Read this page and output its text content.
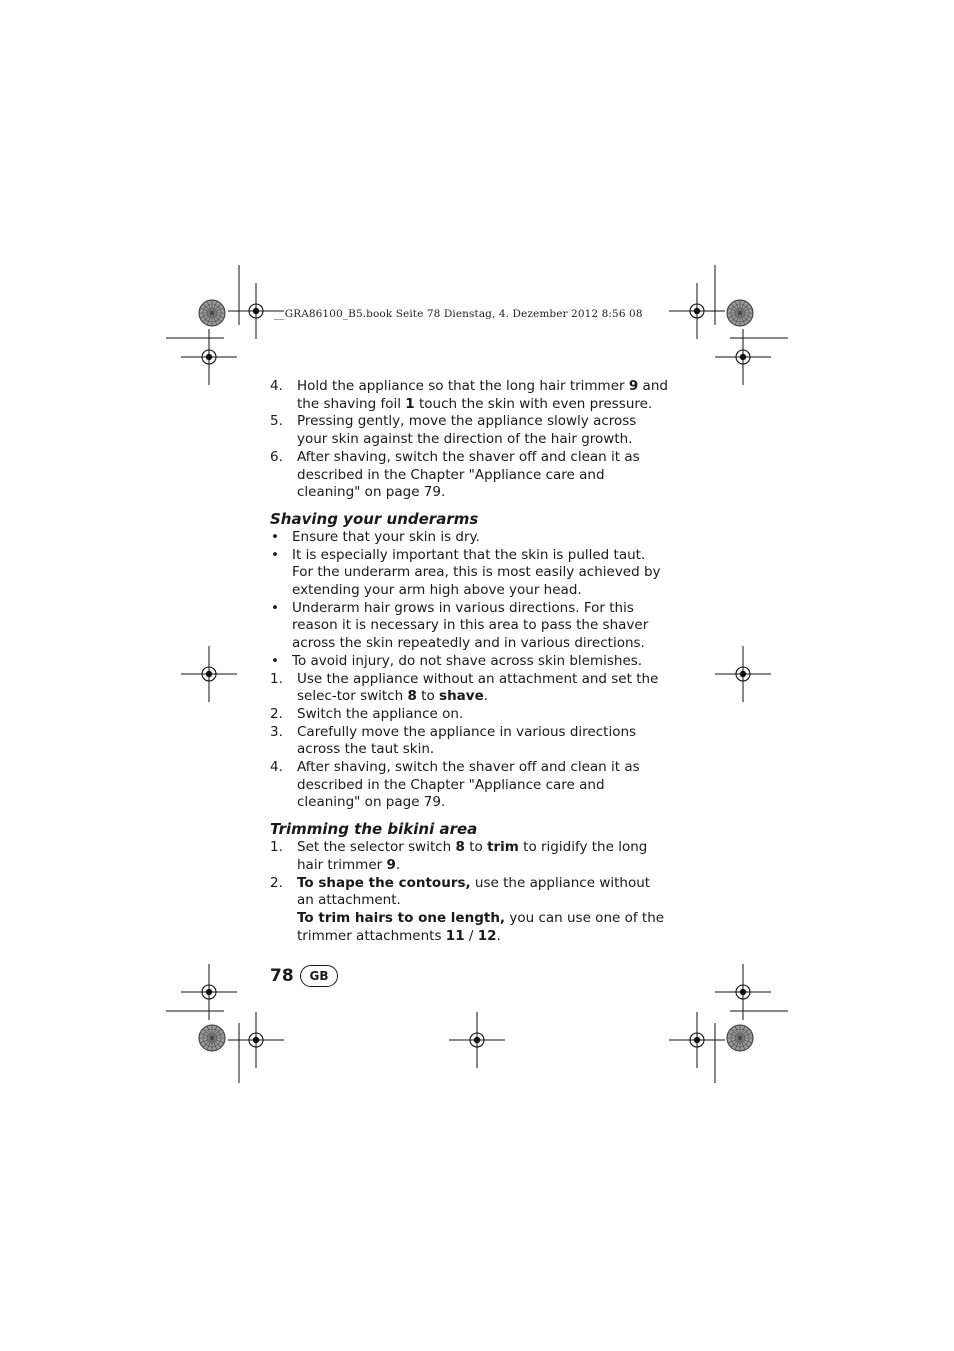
__GRA86100_B5.book Seite 78 Dienstag, 4. Dezember 2012 8:56 08
4. Hold the appliance so that the long hair trimmer 9 and the shaving foil 1 touch the skin with even pressure.
5. Pressing gently, move the appliance slowly across your skin against the direction of the hair growth.
6. After shaving, switch the shaver off and clean it as described in the Chapter "Appliance care and cleaning" on page 79.
Shaving your underarms
• Ensure that your skin is dry.
• It is especially important that the skin is pulled taut. For the underarm area, this is most easily achieved by extending your arm high above your head.
• Underarm hair grows in various directions. For this reason it is necessary in this area to pass the shaver across the skin repeatedly and in various directions.
• To avoid injury, do not shave across skin blemishes.
1. Use the appliance without an attachment and set the selec-tor switch 8 to shave.
2. Switch the appliance on.
3. Carefully move the appliance in various directions across the taut skin.
4. After shaving, switch the shaver off and clean it as described in the Chapter "Appliance care and cleaning" on page 79.
Trimming the bikini area
1. Set the selector switch 8 to trim to rigidify the long hair trimmer 9.
2. To shape the contours, use the appliance without an attachment.
To trim hairs to one length, you can use one of the trimmer attachments 11 / 12.
78	GB
